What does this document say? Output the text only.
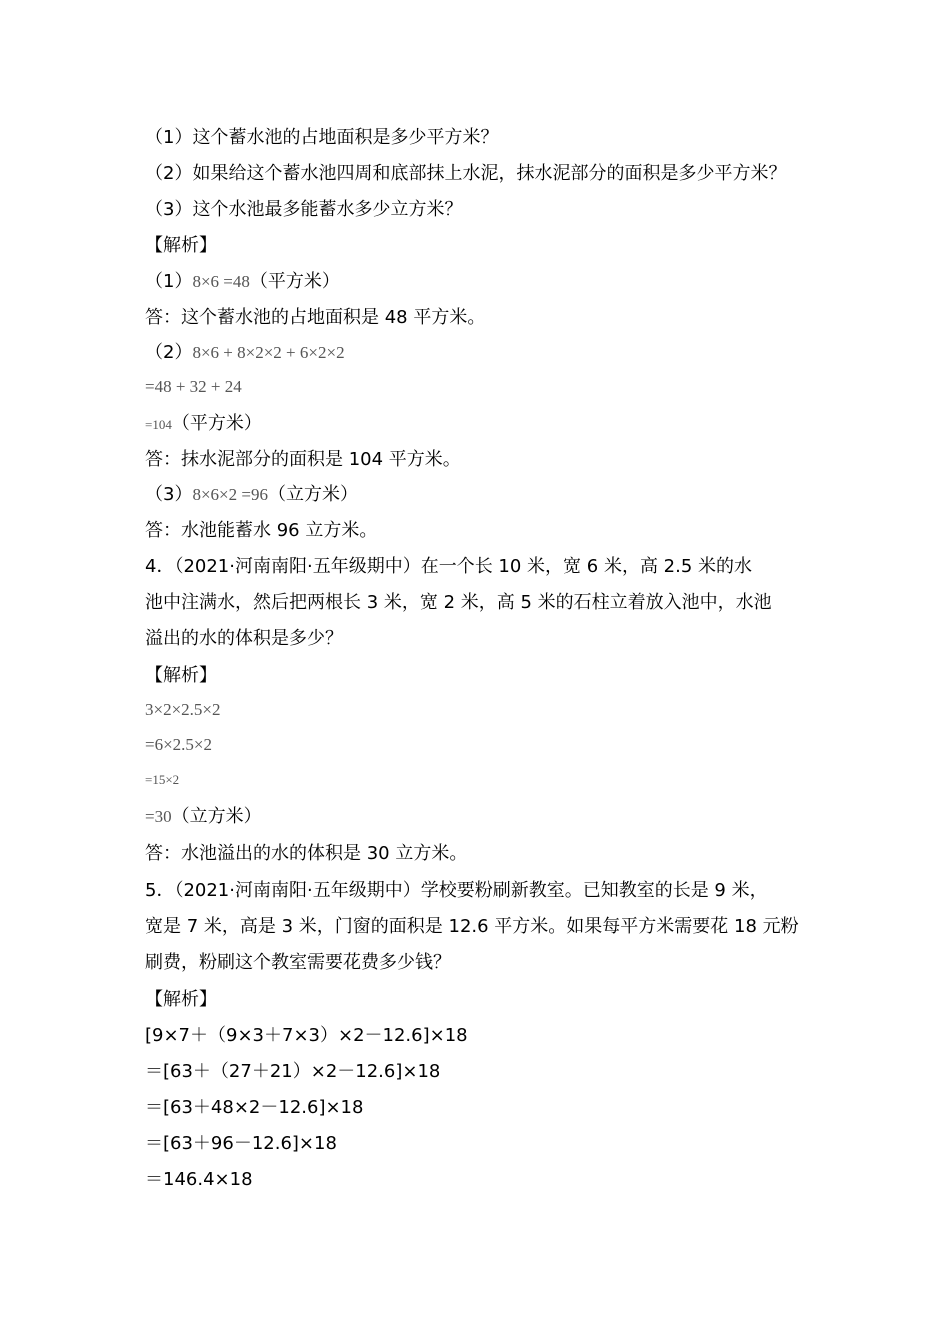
（1）这个蓄水池的占地面积是多少平方米？
（2）如果给这个蓄水池四周和底部抹上水泥，抹水泥部分的面积是多少平方米？
（3）这个水池最多能蓄水多少立方米？
【解析】
（1）8×6 =48（平方米）
答：这个蓄水池的占地面积是 48 平方米。
（2）8×6 + 8×2×2 + 6×2×2
=48 + 32 + 24
=104（平方米）
答：抹水泥部分的面积是 104 平方米。
（3）8×6×2 =96（立方米）
答：水池能蓄水 96 立方米。
4．（2021·河南南阳·五年级期中）在一个长 10 米，宽 6 米，高 2.5 米的水
池中注满水，然后把两根长 3 米，宽 2 米，高 5 米的石柱立着放入池中，水池
溢出的水的体积是多少？
【解析】
3×2×2.5×2
=6×2.5×2
=15×2
=30（立方米）
答：水池溢出的水的体积是 30 立方米。
5．（2021·河南南阳·五年级期中）学校要粉刷新教室。已知教室的长是 9 米，
宽是 7 米，高是 3 米，门窗的面积是 12.6 平方米。如果每平方米需要花 18 元粉
刷费，粉刷这个教室需要花费多少钱？
【解析】
[9×7＋（9×3＋7×3）×2－12.6]×18
＝[63＋（27＋21）×2－12.6]×18
＝[63＋48×2－12.6]×18
＝[63＋96－12.6]×18
＝146.4×18
